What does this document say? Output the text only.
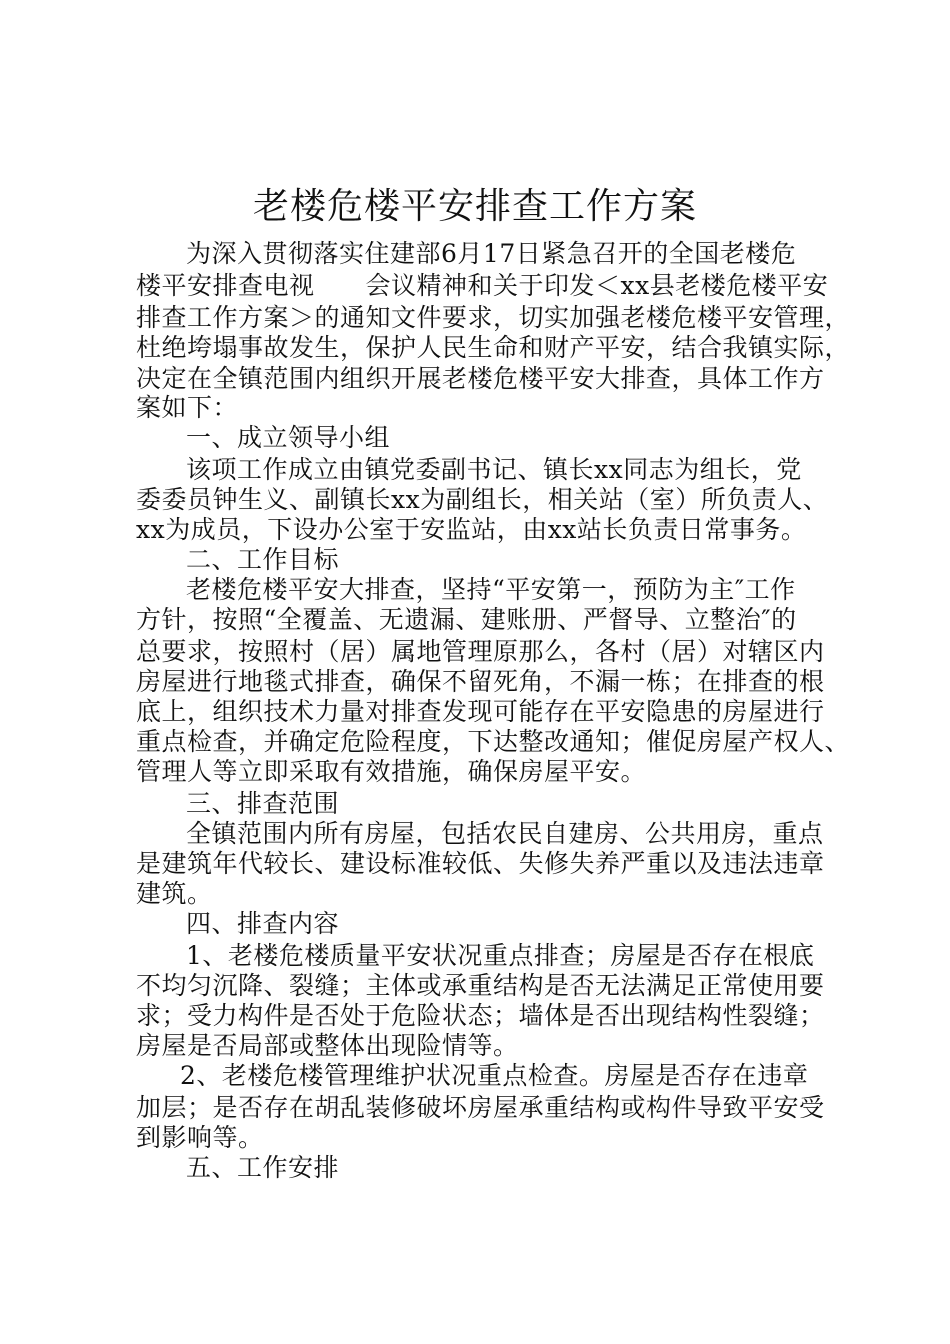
老楼危楼平安排查工作方案
为深入贯彻落实住建部6月17日紧急召开的全国老楼危
楼平安排查电视　　会议精神和关于印发＜xx县老楼危楼平安
排查工作方案＞的通知文件要求，切实加强老楼危楼平安管理，
杜绝垮塌事故发生，保护人民生命和财产平安，结合我镇实际，
决定在全镇范围内组织开展老楼危楼平安大排查，具体工作方
案如下：
一、成立领导小组
该项工作成立由镇党委副书记、镇长xx同志为组长，党
委委员钟生义、副镇长xx为副组长，相关站（室）所负责人、
xx为成员，下设办公室于安监站，由xx站长负责日常事务。
二、工作目标
老楼危楼平安大排查，坚持“平安第一，预防为主″工作
方针，按照“全覆盖、无遗漏、建账册、严督导、立整治″的
总要求，按照村（居）属地管理原那么，各村（居）对辖区内
房屋进行地毯式排查，确保不留死角，不漏一栋；在排查的根
底上，组织技术力量对排查发现可能存在平安隐患的房屋进行
重点检查，并确定危险程度，下达整改通知；催促房屋产权人、
管理人等立即采取有效措施，确保房屋平安。
三、排查范围
全镇范围内所有房屋，包括农民自建房、公共用房，重点
是建筑年代较长、建设标准较低、失修失养严重以及违法违章
建筑。
四、排查内容
1、老楼危楼质量平安状况重点排查；房屋是否存在根底
不均匀沉降、裂缝；主体或承重结构是否无法满足正常使用要
求；受力构件是否处于危险状态；墙体是否出现结构性裂缝；
房屋是否局部或整体出现险情等。
2、老楼危楼管理维护状况重点检查。房屋是否存在违章
加层；是否存在胡乱装修破坏房屋承重结构或构件导致平安受
到影响等。
五、工作安排
